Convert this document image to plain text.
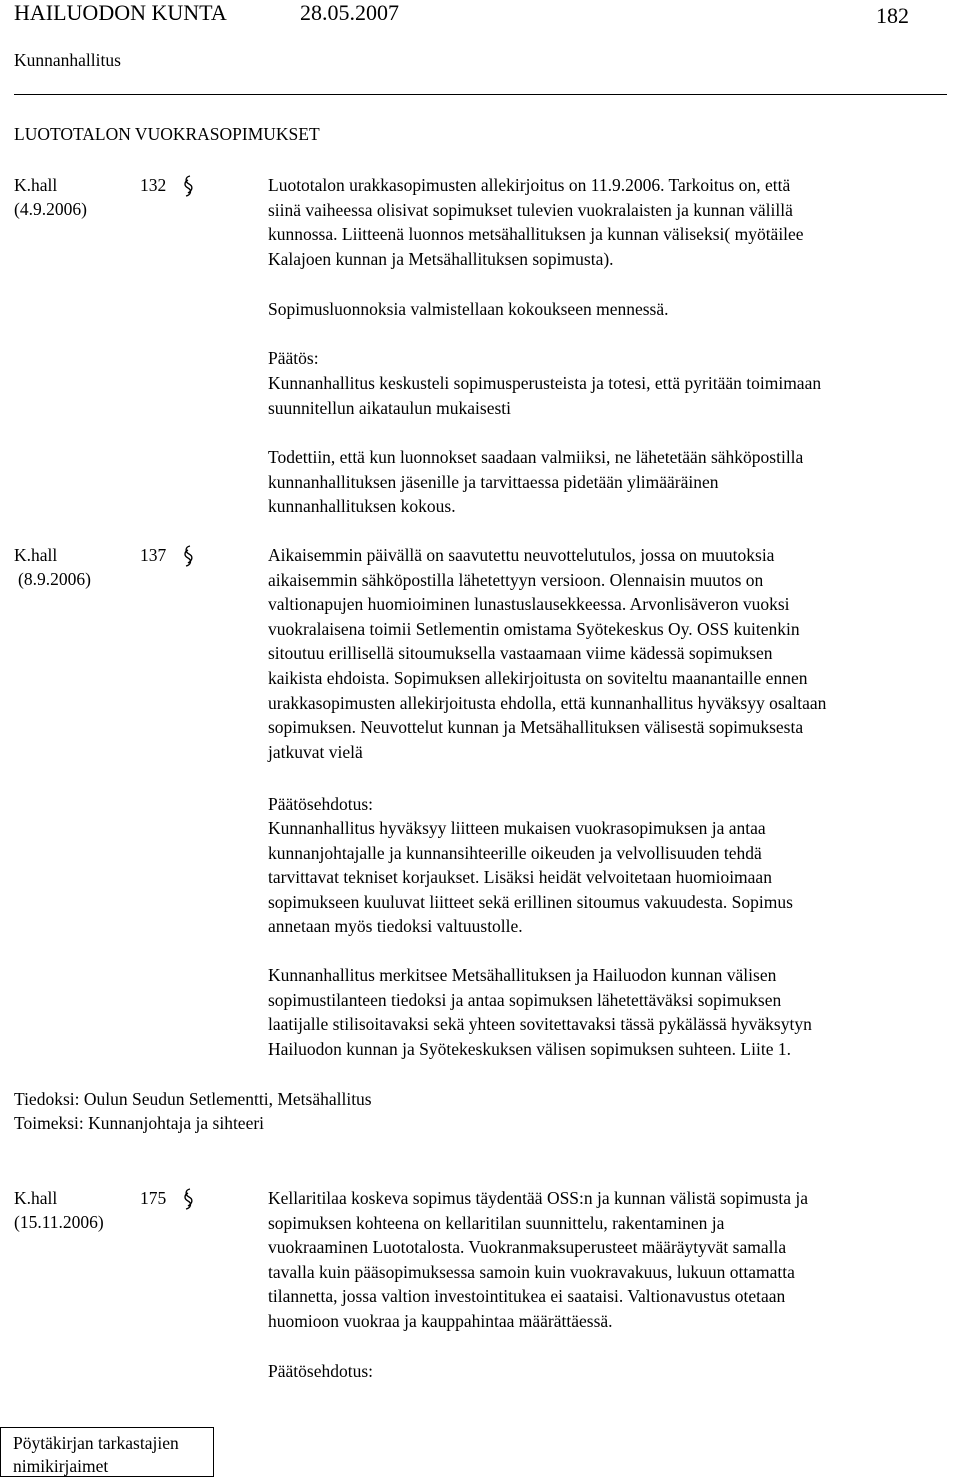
HAILUODON KUNTA	28.05.2007	182
Kunnanhallitus
LUOTOTALON VUOKRASOPIMUKSET
K.hall
(4.9.2006)
132	Luototalon urakkasopimusten allekirjoitus on 11.9.2006. Tarkoitus on, että
siinä vaiheessa olisivat sopimukset tulevien vuokralaisten ja kunnan välillä
kunnossa. Liitteenä luonnos metsähallituksen ja kunnan väliseksi( myötäilee
Kalajoen kunnan ja Metsähallituksen sopimusta).
Sopimusluonnoksia valmistellaan kokoukseen mennessä.
Päätös:
Kunnanhallitus keskusteli sopimusperusteista ja totesi, että pyritään toimimaan
suunnitellun aikataulun mukaisesti
Todettiin, että kun luonnokset saadaan valmiiksi, ne lähetetään sähköpostilla
kunnanhallituksen jäsenille ja tarvittaessa pidetään ylimääräinen
kunnanhallituksen kokous.
K.hall
(8.9.2006)
137	Aikaisemmin päivällä on saavutettu neuvottelutulos, jossa on muutoksia
aikaisemmin sähköpostilla lähetettyyn versioon. Olennaisin muutos on
valtionapujen huomioiminen lunastuslausekkeessa. Arvonlisäveron vuoksi
vuokralaisena toimii Setlementin omistama Syötekeskus Oy. OSS kuitenkin
sitoutuu erillisellä sitoumuksella vastaamaan viime kädessä sopimuksen
kaikista ehdoista. Sopimuksen allekirjoitusta on soviteltu maanantaille ennen
urakkasopimusten allekirjoitusta ehdolla, että kunnanhallitus hyväksyy osaltaan
sopimuksen. Neuvottelut kunnan ja Metsähallituksen välisestä sopimuksesta
jatkuvat vielä
Päätösehdotus:
Kunnanhallitus hyväksyy liitteen mukaisen vuokrasopimuksen ja antaa
kunnanjohtajalle ja kunnansihteerille oikeuden ja velvollisuuden tehdä
tarvittavat tekniset korjaukset. Lisäksi heidät velvoitetaan huomioimaan
sopimukseen kuuluvat liitteet sekä erillinen sitoumus vakuudesta. Sopimus
annetaan myös tiedoksi valtuustolle.
Kunnanhallitus merkitsee Metsähallituksen ja Hailuodon kunnan välisen
sopimustilanteen tiedoksi ja antaa sopimuksen lähetettäväksi sopimuksen
laatijalle stilisoitavaksi sekä yhteen sovitettavaksi tässä pykälässä hyväksytyn
Hailuodon kunnan ja Syötekeskuksen välisen sopimuksen suhteen. Liite 1.
Tiedoksi: Oulun Seudun Setlementti, Metsähallitus
Toimeksi: Kunnanjohtaja ja sihteeri
K.hall
(15.11.2006)
175	Kellaritilaa koskeva sopimus täydentää OSS:n ja kunnan välistä sopimusta ja
sopimuksen kohteena on kellaritilan suunnittelu, rakentaminen ja
vuokraaminen Luototalosta. Vuokranmaksuperusteet määräytyvät samalla
tavalla kuin pääsopimuksessa samoin kuin vuokravakuus, lukuun ottamatta
tilannetta, jossa valtion investointitukea ei saataisi. Valtionavustus otetaan
huomioon vuokraa ja kauppahintaa määrättäessä.
Päätösehdotus:
Pöytäkirjan tarkastajien
nimikirjaimet
